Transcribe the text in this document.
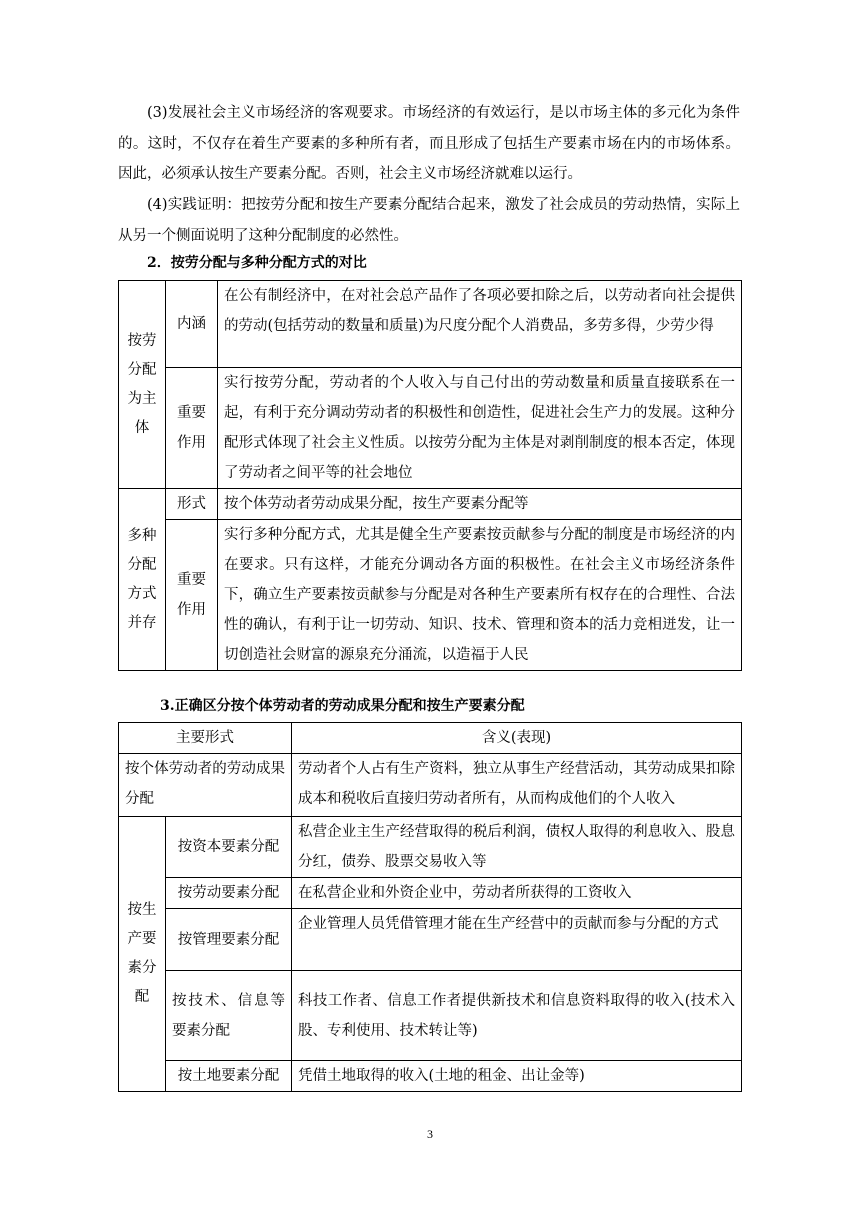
(3)发展社会主义市场经济的客观要求。市场经济的有效运行，是以市场主体的多元化为条件的。这时，不仅存在着生产要素的多种所有者，而且形成了包括生产要素市场在内的市场体系。因此，必须承认按生产要素分配。否则，社会主义市场经济就难以运行。

(4)实践证明：把按劳分配和按生产要素分配结合起来，激发了社会成员的劳动热情，实际上从另一个侧面说明了这种分配制度的必然性。

2．按劳分配与多种分配方式的对比

按劳分配为主体	内涵	在公有制经济中，在对社会总产品作了各项必要扣除之后，以劳动者向社会提供的劳动(包括劳动的数量和质量)为尺度分配个人消费品，多劳多得，少劳少得

	重要作用	实行按劳分配，劳动者的个人收入与自己付出的劳动数量和质量直接联系在一起，有利于充分调动劳动者的积极性和创造性，促进社会生产力的发展。这种分配形式体现了社会主义性质。以按劳分配为主体是对剥削制度的根本否定，体现了劳动者之间平等的社会地位

多种分配方式并存	形式	按个体劳动者劳动成果分配，按生产要素分配等

	重要作用	实行多种分配方式，尤其是健全生产要素按贡献参与分配的制度是市场经济的内在要求。只有这样，才能充分调动各方面的积极性。在社会主义市场经济条件下，确立生产要素按贡献参与分配是对各种生产要素所有权存在的合理性、合法性的确认，有利于让一切劳动、知识、技术、管理和资本的活力竞相迸发，让一切创造社会财富的源泉充分涌流，以造福于人民

3.正确区分按个体劳动者的劳动成果分配和按生产要素分配

主要形式		含义(表现)
按个体劳动者的劳动成果分配		劳动者个人占有生产资料，独立从事生产经营活动，其劳动成果扣除成本和税收后直接归劳动者所有，从而构成他们的个人收入

按生产要素分配	按资本要素分配	私营企业主生产经营取得的税后利润，债权人取得的利息收入、股息分红，债券、股票交易收入等
	按劳动要素分配	在私营企业和外资企业中，劳动者所获得的工资收入
	按管理要素分配	企业管理人员凭借管理才能在生产经营中的贡献而参与分配的方式
	按技术、信息等要素分配	科技工作者、信息工作者提供新技术和信息资料取得的收入(技术入股、专利使用、技术转让等)
	按土地要素分配	凭借土地取得的收入(土地的租金、出让金等)
3
